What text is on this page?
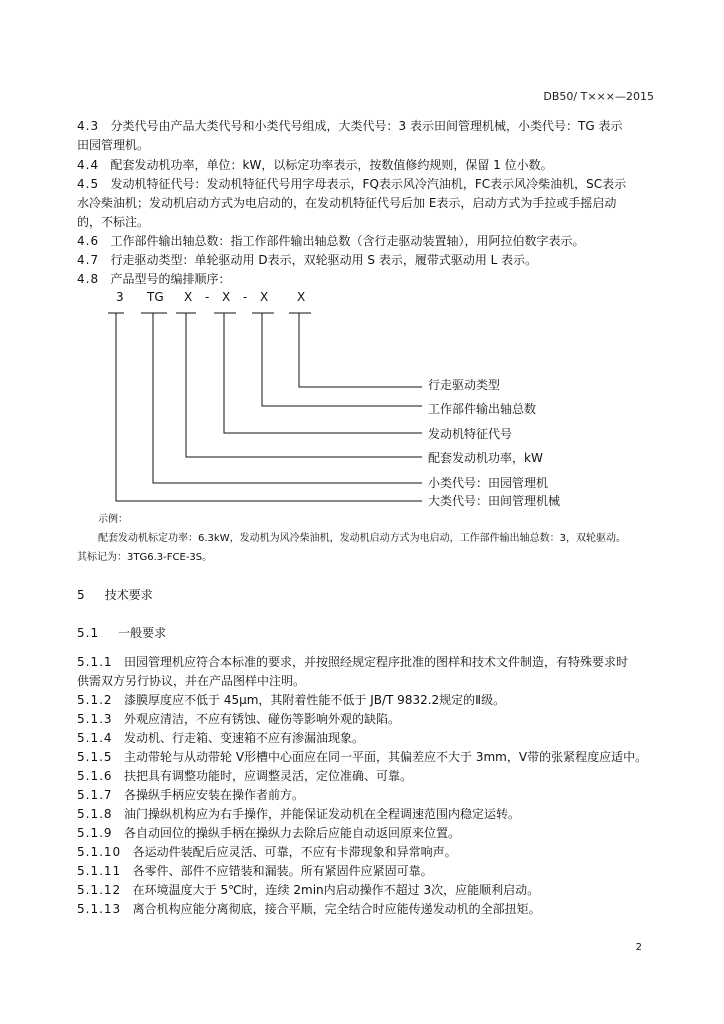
DB50/ T×××—2015

4.3 分类代号由产品大类代号和小类代号组成，大类代号：3 表示田间管理机械，小类代号：TG 表示

田园管理机。

4.4 配套发动机功率，单位：kW，以标定功率表示，按数值修约规则，保留 1 位小数。

4.5 发动机特征代号：发动机特征代号用字母表示，FQ表示风冷汽油机，FC表示风冷柴油机，SC表示

水冷柴油机；发动机启动方式为电启动的，在发动机特征代号后加 E表示，启动方式为手拉或手摇启动

的，不标注。

4.6 工作部件输出轴总数：指工作部件输出轴总数（含行走驱动装置轴），用阿拉伯数字表示。

4.7 行走驱动类型：单轮驱动用 D表示，双轮驱动用 S 表示，履带式驱动用 L 表示。

4.8 产品型号的编排顺序：

3 TG X - X - X X
行走驱动类型
工作部件输出轴总数
发动机特征代号
配套发动机功率，kW
小类代号：田园管理机
大类代号：田间管理机械

示例：

配套发动机标定功率：6.3kW，发动机为风冷柴油机，发动机启动方式为电启动，工作部件输出轴总数：3，双轮驱动。

其标记为：3TG6.3-FCE-3S。

5 技术要求

5.1 一般要求

5.1.1 田园管理机应符合本标准的要求，并按照经规定程序批准的图样和技术文件制造，有特殊要求时

供需双方另行协议，并在产品图样中注明。

5.1.2 漆膜厚度应不低于 45μm，其附着性能不低于 JB/T 9832.2规定的Ⅱ级。

5.1.3 外观应清洁，不应有锈蚀、碰伤等影响外观的缺陷。

5.1.4 发动机、行走箱、变速箱不应有渗漏油现象。

5.1.5 主动带轮与从动带轮 V形槽中心面应在同一平面，其偏差应不大于 3mm，V带的张紧程度应适中。

5.1.6 扶把具有调整功能时，应调整灵活，定位准确、可靠。

5.1.7 各操纵手柄应安装在操作者前方。

5.1.8 油门操纵机构应为右手操作，并能保证发动机在全程调速范围内稳定运转。

5.1.9 各自动回位的操纵手柄在操纵力去除后应能自动返回原来位置。

5.1.10 各运动件装配后应灵活、可靠，不应有卡滞现象和异常响声。

5.1.11 各零件、部件不应错装和漏装。所有紧固件应紧固可靠。

5.1.12 在环境温度大于 5℃时，连续 2min内启动操作不超过 3次，应能顺利启动。

5.1.13 离合机构应能分离彻底，接合平顺，完全结合时应能传递发动机的全部扭矩。

2
